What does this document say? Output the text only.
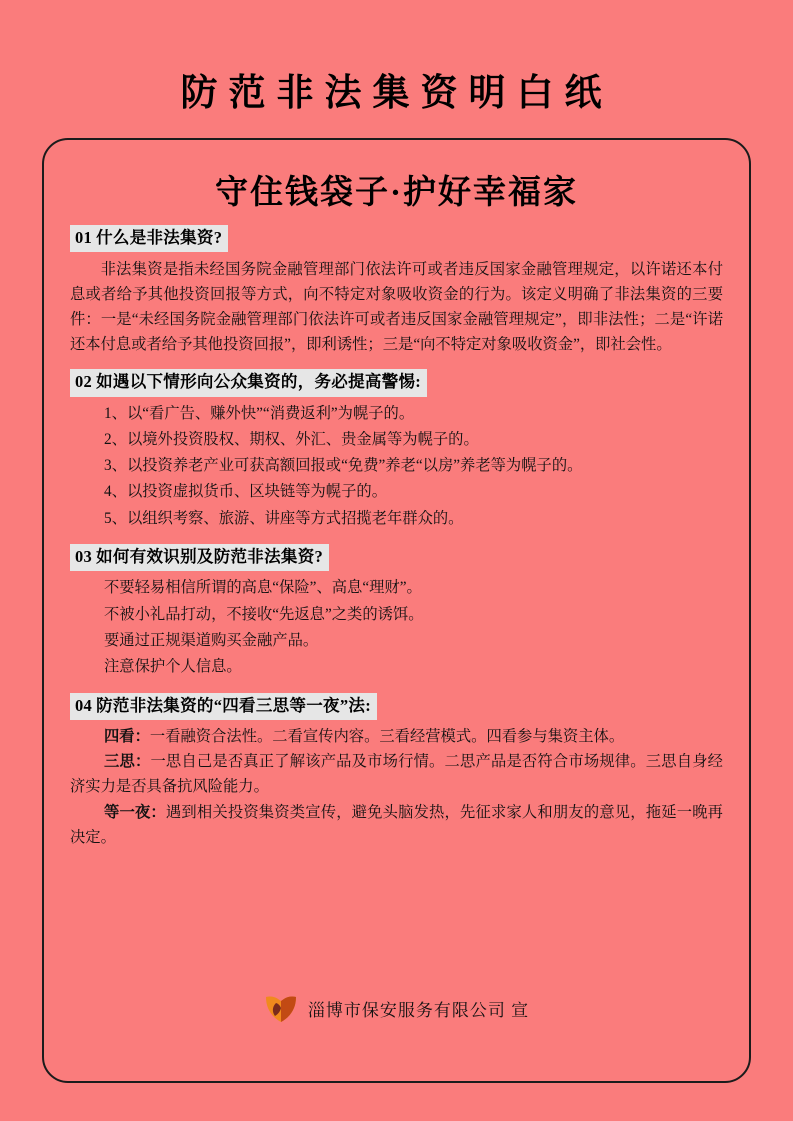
防范非法集资明白纸
守住钱袋子·护好幸福家
01 什么是非法集资?
非法集资是指未经国务院金融管理部门依法许可或者违反国家金融管理规定，以许诺还本付息或者给予其他投资回报等方式，向不特定对象吸收资金的行为。该定义明确了非法集资的三要件：一是“未经国务院金融管理部门依法许可或者违反国家金融管理规定”，即非法性；二是“许诺还本付息或者给予其他投资回报”，即利诱性；三是“向不特定对象吸收资金”，即社会性。
02 如遇以下情形向公众集资的，务必提高警惕:
1、以“看广告、赚外快”“消费返利”为幌子的。
2、以境外投资股权、期权、外汇、贵金属等为幌子的。
3、以投资养老产业可获高额回报或“免费”养老“以房”养老等为幌子的。
4、以投资虚拟货币、区块链等为幌子的。
5、以组织考察、旅游、讲座等方式招揽老年群众的。
03 如何有效识别及防范非法集资?
不要轻易相信所谓的高息“保险”、高息“理财”。
不被小礼品打动，不接收“先返息”之类的诱饵。
要通过正规渠道购买金融产品。
注意保护个人信息。
04 防范非法集资的“四看三思等一夜”法:
四看：一看融资合法性。二看宣传内容。三看经营模式。四看参与集资主体。
三思：一思自己是否真正了解该产品及市场行情。二思产品是否符合市场规律。三思自身经济实力是否具备抗风险能力。
等一夜：遇到相关投资集资类宣传，避免头脑发热，先征求家人和朋友的意见，拖延一晚再决定。
淄博市保安服务有限公司 宣
